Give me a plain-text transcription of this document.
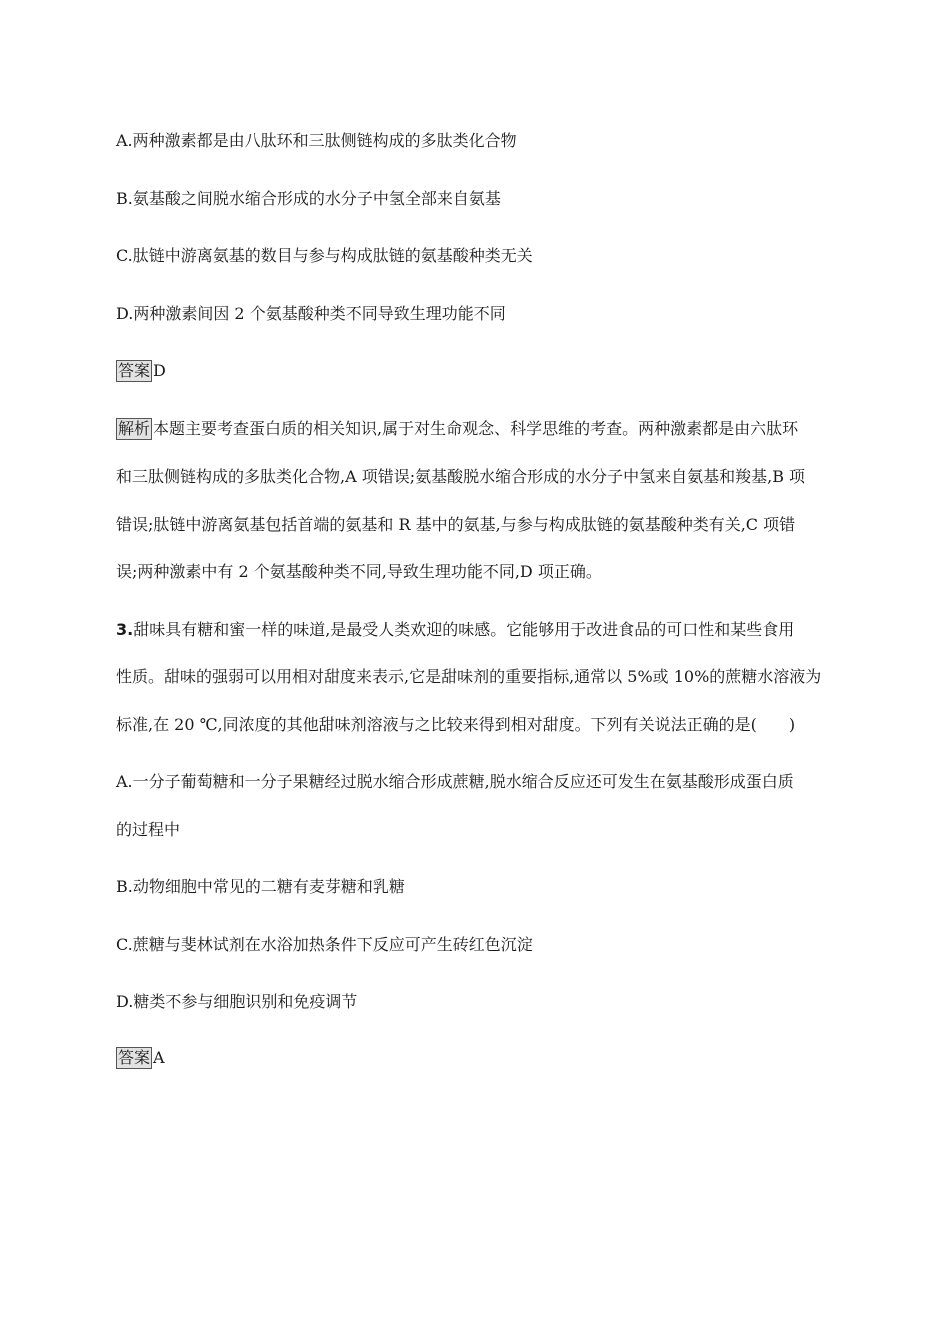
A.两种激素都是由八肽环和三肽侧链构成的多肽类化合物
B.氨基酸之间脱水缩合形成的水分子中氢全部来自氨基
C.肽链中游离氨基的数目与参与构成肽链的氨基酸种类无关
D.两种激素间因 2 个氨基酸种类不同导致生理功能不同
答案 D
解析 本题主要考查蛋白质的相关知识,属于对生命观念、科学思维的考查。两种激素都是由六肽环
和三肽侧链构成的多肽类化合物,A 项错误;氨基酸脱水缩合形成的水分子中氢来自氨基和羧基,B 项
错误;肽链中游离氨基包括首端的氨基和 R 基中的氨基,与参与构成肽链的氨基酸种类有关,C 项错
误;两种激素中有 2 个氨基酸种类不同,导致生理功能不同,D 项正确。
3.甜味具有糖和蜜一样的味道,是最受人类欢迎的味感。它能够用于改进食品的可口性和某些食用
性质。甜味的强弱可以用相对甜度来表示,它是甜味剂的重要指标,通常以 5%或 10%的蔗糖水溶液为
标准,在 20 ℃,同浓度的其他甜味剂溶液与之比较来得到相对甜度。下列有关说法正确的是(　　)
A.一分子葡萄糖和一分子果糖经过脱水缩合形成蔗糖,脱水缩合反应还可发生在氨基酸形成蛋白质
的过程中
B.动物细胞中常见的二糖有麦芽糖和乳糖
C.蔗糖与斐林试剂在水浴加热条件下反应可产生砖红色沉淀
D.糖类不参与细胞识别和免疫调节
答案 A
